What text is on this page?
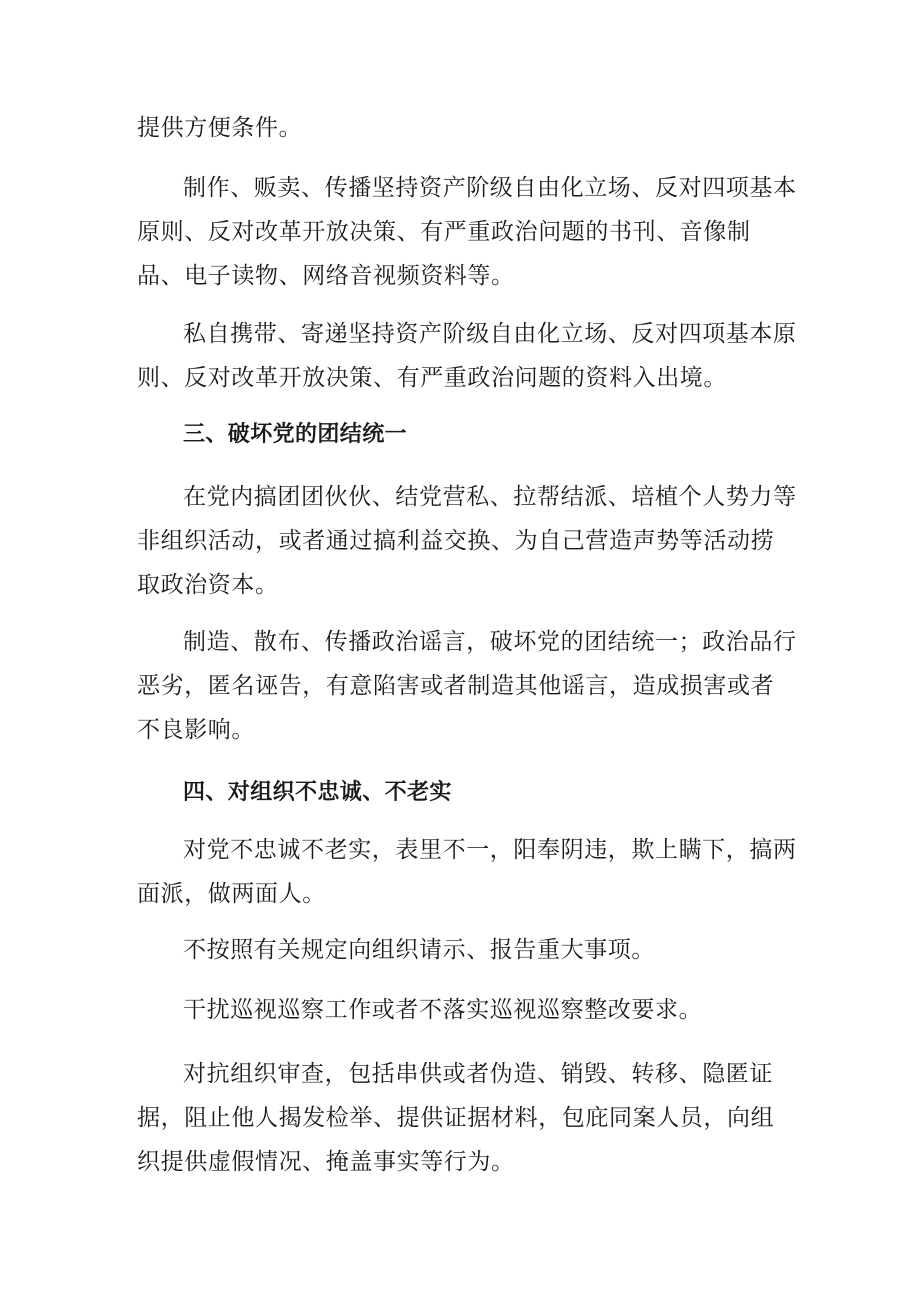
提供方便条件。

制作、贩卖、传播坚持资产阶级自由化立场、反对四项基本原则、反对改革开放决策、有严重政治问题的书刊、音像制品、电子读物、网络音视频资料等。

私自携带、寄递坚持资产阶级自由化立场、反对四项基本原则、反对改革开放决策、有严重政治问题的资料入出境。

三、破坏党的团结统一

在党内搞团团伙伙、结党营私、拉帮结派、培植个人势力等非组织活动，或者通过搞利益交换、为自己营造声势等活动捞取政治资本。

制造、散布、传播政治谣言，破坏党的团结统一；政治品行恶劣，匿名诬告，有意陷害或者制造其他谣言，造成损害或者不良影响。

四、对组织不忠诚、不老实

对党不忠诚不老实，表里不一，阳奉阴违，欺上瞒下，搞两面派，做两面人。

不按照有关规定向组织请示、报告重大事项。

干扰巡视巡察工作或者不落实巡视巡察整改要求。

对抗组织审查，包括串供或者伪造、销毁、转移、隐匿证据，阻止他人揭发检举、提供证据材料，包庇同案人员，向组织提供虚假情况、掩盖事实等行为。
